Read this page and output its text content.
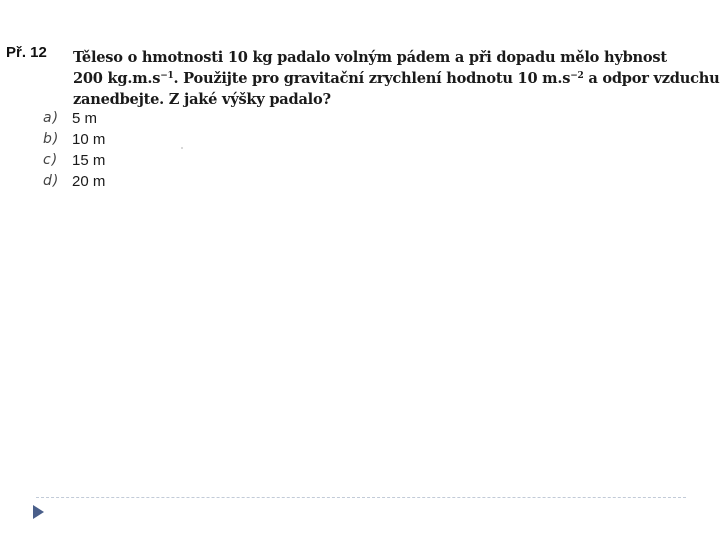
Př. 12 Těleso o hmotnosti 10 kg padalo volným pádem a při dopadu mělo hybnost
200 $kg.m.s^{-1}$. Použijte pro gravitační zrychlení hodnotu 10 $m.s^{-2}$ a odpor vzduchu
zanedbejte. Z jaké výšky padalo?
a) 5 m
b) 10 m
c) 15 m
d) 20 m
